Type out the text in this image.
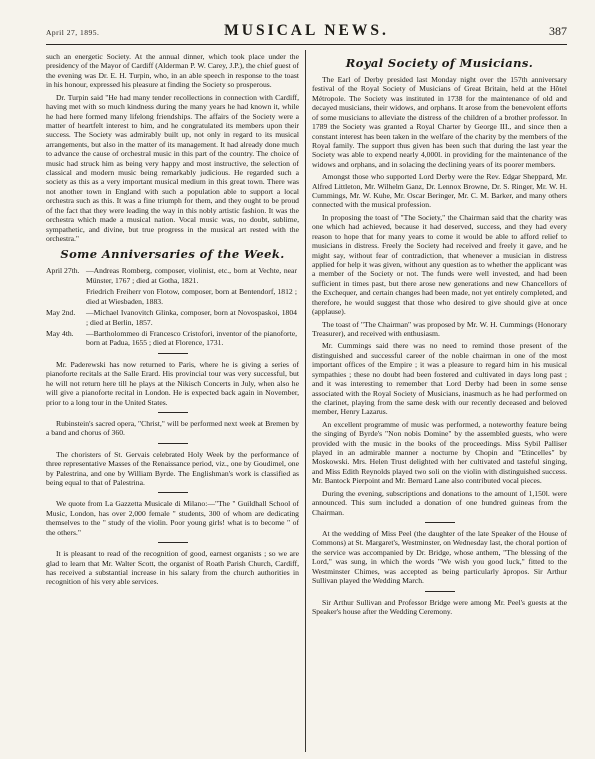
April 27, 1895.	MUSICAL NEWS.	387

such an energetic Society. At the annual dinner, which took place under the presidency of the Mayor of Cardiff (Alderman P. W. Carey, J.P.), the chief guest of the evening was Dr. E. H. Turpin, who, in an able speech in response to the toast in his honour, expressed his pleasure at finding the Society so prosperous.

Dr. Turpin said "He had many tender recollections in connection with Cardiff, having met with so much kindness during the many years he had known it, while he had here formed many lifelong friendships. The affairs of the Society were a matter of heartfelt interest to him, and he congratulated its members upon their success. The Society was admirably built up, not only in regard to its musical arrangements, but also in the matter of its management. It had already done much to advance the cause of orchestral music in this part of the country. The choice of music had struck him as being very happy and most instructive, the selection of classical and modern music being remarkably judicious. He regarded such a society as this as a very important musical medium in this great town. There was not another town in England with such a population able to support a local orchestra such as this. It was a fine triumph for them, and they ought to be proud of the fact that they were leading the way in this nobly artistic fashion. It was the orchestra which made a musical nation. Vocal music was, no doubt, sublime, sympathetic, and divine, but true progress in the musical art rested with the orchestra."

Some Anniversaries of the Week.
April 27th. —Andreas Romberg, composer, violinist, etc., born at Vechte, near Münster, 1767 ; died at Gotha, 1821.
Friedrich Freiherr von Flotow, composer, born at Bentendorf, 1812 ; died at Wiesbaden, 1883.
May 2nd. —Michael Ivanovitch Glinka, composer, born at Novospaskoi, 1804 ; died at Berlin, 1857.
May 4th. —Bartholommeo di Francesco Cristofori, inventor of the pianoforte, born at Padua, 1655 ; died at Florence, 1731.

Mr. Paderewski has now returned to Paris, where he is giving a series of pianoforte recitals at the Salle Erard. His provincial tour was very successful, but he will not return here till he plays at the Nikisch Concerts in July, when also he will give a pianoforte recital in London. He is expected back again in November, prior to a long tour in the United States.

Rubinstein's sacred opera, "Christ," will be performed next week at Bremen by a band and chorus of 360.

The choristers of St. Gervais celebrated Holy Week by the performance of three representative Masses of the Renaissance period, viz., one by Goudimel, one by Palestrina, and one by William Byrde. The Englishman's work is classified as being equal to that of Palestrina.

We quote from La Gazzetta Musicale di Milano:—"The " Guildhall School of Music, London, has over 2,000 female " students, 300 of whom are dedicating themselves to the " study of the violin. Poor young girls! what is to become " of the others."

It is pleasant to read of the recognition of good, earnest organists ; so we are glad to learn that Mr. Walter Scott, the organist of Roath Parish Church, Cardiff, has received a substantial increase in his salary from the church authorities in recognition of his very able services.

Royal Society of Musicians.

The Earl of Derby presided last Monday night over the 157th anniversary festival of the Royal Society of Musicians of Great Britain, held at the Hôtel Métropole. The Society was instituted in 1738 for the maintenance of old and decayed musicians, their widows, and orphans. It arose from the benevolent efforts of some musicians to alleviate the distress of the children of a brother professor. In 1789 the Society was granted a Royal Charter by George III., and since then a constant interest has been taken in the welfare of the charity by the members of the Royal family. The support thus given has been such that during the last year the Society was able to expend nearly 4,000l. in providing for the maintenance of the widows and orphans, and in solacing the declining years of its poorer members.

Amongst those who supported Lord Derby were the Rev. Edgar Sheppard, Mr. Alfred Littleton, Mr. Wilhelm Ganz, Dr. Lennox Browne, Dr. S. Ringer, Mr. W. H. Cummings, Mr. W. Kuhe, Mr. Oscar Beringer, Mr. C. M. Barker, and many others connected with the musical profession.

In proposing the toast of "The Society," the Chairman said that the charity was one which had achieved, because it had deserved, success, and they had every reason to hope that for many years to come it would be able to afford relief to musicians in distress. Freely the Society had received and freely it gave, and he might say, without fear of contradiction, that whenever a musician in distress applied for help it was given, without any question as to whether the applicant was a member of the Society or not. The funds were well invested, and had been sufficient in times past, but there arose new generations and new Chancellors of the Exchequer, and certain changes had been made, not yet entirely completed, and therefore, he would suggest that those who desired to give should give at once (applause).

The toast of "The Chairman" was proposed by Mr. W. H. Cummings (Honorary Treasurer), and received with enthusiasm.

Mr. Cummings said there was no need to remind those present of the distinguished and successful career of the noble chairman in one of the most important offices of the Empire ; it was a pleasure to regard him in his musical sympathies ; these no doubt had been fostered and cultivated in days long past ; and it was interesting to remember that Lord Derby had been in some sense associated with the Royal Society of Musicians, inasmuch as he had performed on the clarinet, playing from the same desk with our recently deceased and beloved member, Henry Lazarus.

An excellent programme of music was performed, a noteworthy feature being the singing of Byrde's "Non nobis Domine" by the assembled guests, who were provided with the music in the books of the proceedings. Miss Sybil Palliser played in an admirable manner a nocturne by Chopin and "Etincelles" by Moskowski. Mrs. Helen Trust delighted with her cultivated and tasteful singing, and Miss Edith Reynolds played two soli on the violin with distinguished success. Mr. Bantock Pierpoint and Mr. Bernard Lane also contributed vocal pieces.

During the evening, subscriptions and donations to the amount of 1,150l. were announced. This sum included a donation of one hundred guineas from the Chairman.

At the wedding of Miss Peel (the daughter of the late Speaker of the House of Commons) at St. Margaret's, Westminster, on Wednesday last, the choral portion of the service was accompanied by Dr. Bridge, whose anthem, "The blessing of the Lord," was sung, in which the words "We wish you good luck," fitted to the Westminster Chimes, was accepted as being particularly àpropos. Sir Arthur Sullivan played the Wedding March.

Sir Arthur Sullivan and Professor Bridge were among Mr. Peel's guests at the Speaker's house after the Wedding Ceremony.
